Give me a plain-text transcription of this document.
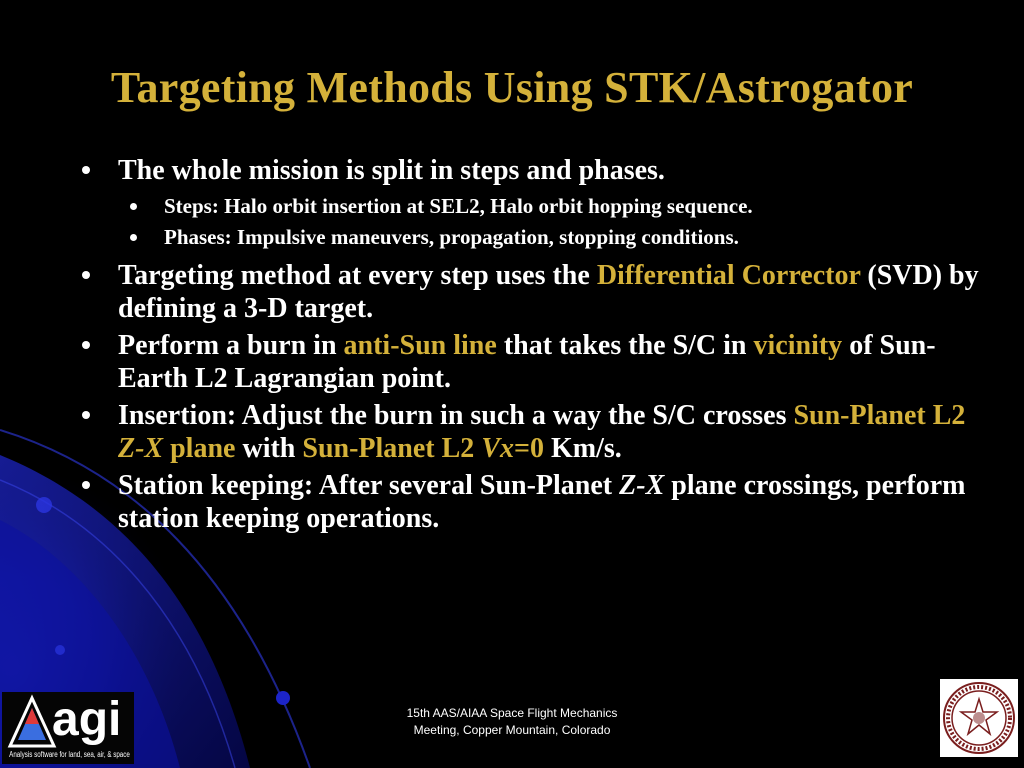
Targeting Methods Using STK/Astrogator
The whole mission is split in steps and phases.
Steps: Halo orbit insertion at SEL2, Halo orbit hopping sequence.
Phases: Impulsive maneuvers, propagation, stopping conditions.
Targeting method at every step uses the Differential Corrector (SVD) by defining a 3-D target.
Perform a burn in anti-Sun line that takes the S/C in vicinity of Sun-Earth L2 Lagrangian point.
Insertion: Adjust the burn in such a way the S/C crosses Sun-Planet L2 Z-X plane with Sun-Planet L2 Vx=0 Km/s.
Station keeping: After several Sun-Planet Z-X plane crossings, perform station keeping operations.
agi
Analysis software for land, sea, air, & space
15th AAS/AIAA Space Flight Mechanics
Meeting, Copper Mountain, Colorado
